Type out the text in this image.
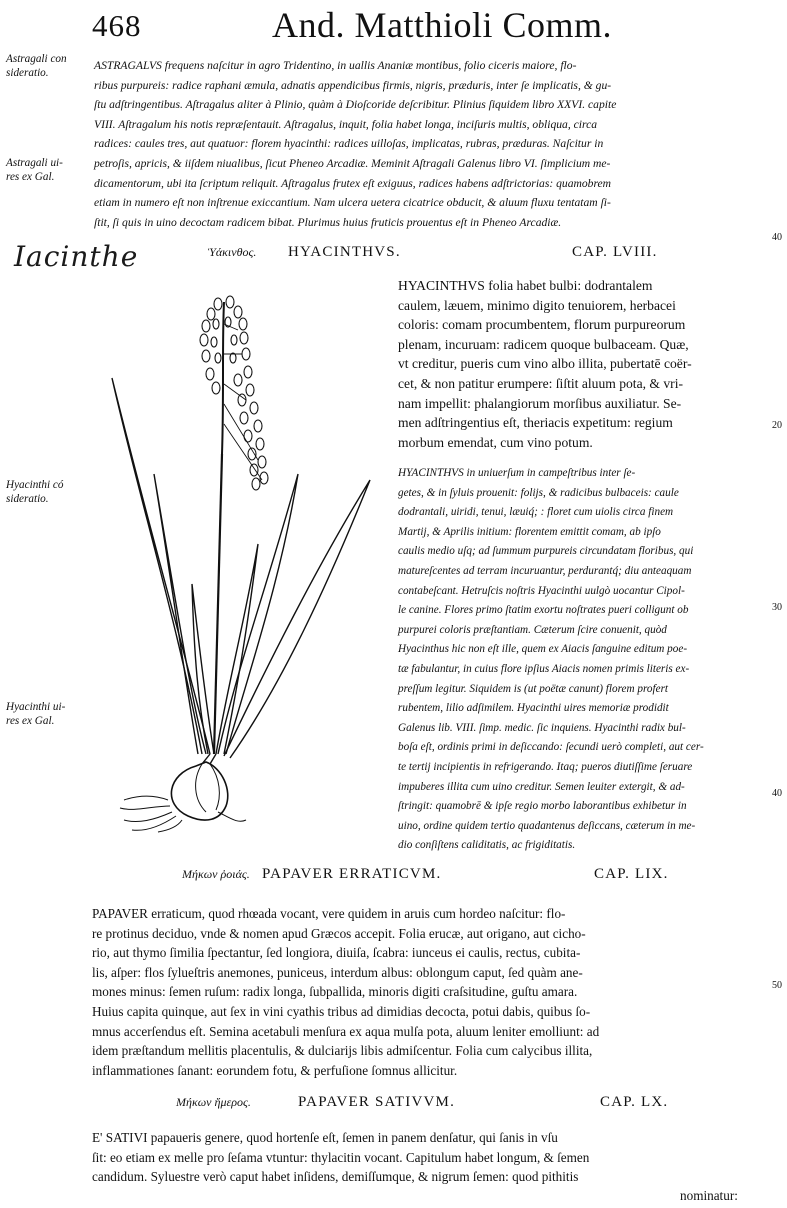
468	And. Matthioli Comm.
Astragali con
sideratio.
Astragali ui-
res ex Gal.
Hyacinthi có
sideratio.
Hyacinthi ui-
res ex Gal.
40
20
30
40
50

ASTRAGALVS frequens naſcitur in agro Tridentino, in uallis Ananiæ montibus, folio ciceris maiore, flo-

ribus purpureis: radice raphani æmula, adnatis appendicibus firmis, nigris, præduris, inter ſe implicatis, & gu-

ſtu adſtringentibus. Aſtragalus aliter à Plinio, quàm à Dioſcoride deſcribitur. Plinius ſiquidem libro XXVI. capite

VIII. Aſtragalum his notis repræſentauit. Aſtragalus, inquit, folia habet longa, inciſuris multis, obliqua, circa

radices: caules tres, aut quatuor: florem hyacinthi: radices uilloſas, implicatas, rubras, præduras. Naſcitur in

petroſis, apricis, & iiſdem niualibus, ſicut Pheneo Arcadiæ. Meminit Aſtragali Galenus libro VI. ſimplicium me-

dicamentorum, ubi ita ſcriptum reliquit. Aſtragalus frutex eſt exiguus, radices habens adſtrictorias: quamobrem

etiam in numero eſt non inſtrenue exiccantium. Nam ulcera uetera cicatrice obducit, & aluum fluxu tentatam ſi-

ſtit, ſi quis in uino decoctam radicem bibat. Plurimus huius fruticis prouentus eſt in Pheneo Arcadiæ.

Iacinthe	Ὑάκινθος. HYACINTHVS.	CAP. LVIII.

HYACINTHVS folia habet bulbi: dodrantalem

caulem, læuem, minimo digito tenuiorem, herbacei

coloris: comam procumbentem, florum purpureorum

plenam, incuruam: radicem quoque bulbaceam. Quæ,

vt creditur, pueris cum vino albo illita, pubertatē coër-

cet, & non patitur erumpere: ſiſtit aluum pota, & vri-

nam impellit: phalangiorum morſibus auxiliatur. Se-

men adſtringentius eſt, theriacis expetitum: regium

morbum emendat, cum vino potum.

HYACINTHVS in uniuerſum in campeſtribus inter ſe-

getes, & in ſyluis prouenit: folijs, & radicibus bulbaceis: caule

dodrantali, uiridi, tenui, læuiq́; : floret cum uiolis circa finem

Martij, & Aprilis initium: florentem emittit comam, ab ipſo

caulis medio uſq; ad ſummum purpureis circundatam floribus, qui

matureſcentes ad terram incuruantur, perdurantq́; diu anteaquam

contabeſcant. Hetruſcis noſtris Hyacinthi uulgò uocantur Cipol-

le canine. Flores primo ſtatim exortu noſtrates pueri colligunt ob

purpurei coloris præſtantiam. Cæterum ſcire conuenit, quòd

Hyacinthus hic non eſt ille, quem ex Aiacis ſanguine editum poe-

tæ fabulantur, in cuius flore ipſius Aiacis nomen primis literis ex-

preſſum legitur. Siquidem is (ut poëtæ canunt) florem profert

rubentem, lilio adſimilem. Hyacinthi uires memoriæ prodidit

Galenus lib. VIII. ſimp. medic. ſic inquiens. Hyacinthi radix bul-

boſa eſt, ordinis primi in deſiccando: ſecundi uerò completi, aut cer-

te tertij incipientis in refrigerando. Itaq; pueros diutiſſime ſeruare

impuberes illita cum uino creditur. Semen leuiter extergit, & ad-

ſtringit: quamobrē & ipſe regio morbo laborantibus exhibetur in

uino, ordine quidem tertio quadantenus deſiccans, cæterum in me-

dio conſiſtens caliditatis, ac frigiditatis.

Μήκων ῥοιάς. PAPAVER ERRATICVM.	CAP. LIX.

PAPAVER erraticum, quod rhœada vocant, vere quidem in aruis cum hordeo naſcitur: flo-

re protinus deciduo, vnde & nomen apud Græcos accepit. Folia erucæ, aut origano, aut cicho-

rio, aut thymo ſimilia ſpectantur, ſed longiora, diuiſa, ſcabra: iunceus ei caulis, rectus, cubita-

lis, aſper: flos ſylueſtris anemones, puniceus, interdum albus: oblongum caput, ſed quàm ane-

mones minus: ſemen ruſum: radix longa, ſubpallida, minoris digiti craſsitudine, guſtu amara.

Huius capita quinque, aut ſex in vini cyathis tribus ad dimidias decocta, potui dabis, quibus ſo-

mnus accerſendus eſt. Semina acetabuli menſura ex aqua mulſa pota, aluum leniter emolliunt: ad

idem præſtandum mellitis placentulis, & dulciarijs libis admiſcentur. Folia cum calycibus illita,

inflammationes ſanant: eorundem fotu, & perfuſione ſomnus allicitur.

Μήκων ἥμερος.	PAPAVER SATIVVM.	CAP. LX.

E' SATIVI papaueris genere, quod hortenſe eſt, ſemen in panem denſatur, qui ſanis in vſu

ſit: eo etiam ex melle pro ſeſama vtuntur: thylacitin vocant. Capitulum habet longum, & ſemen

candidum. Syluestre verò caput habet inſidens, demiſſumque, & nigrum ſemen: quod pithitis

nominatur:
